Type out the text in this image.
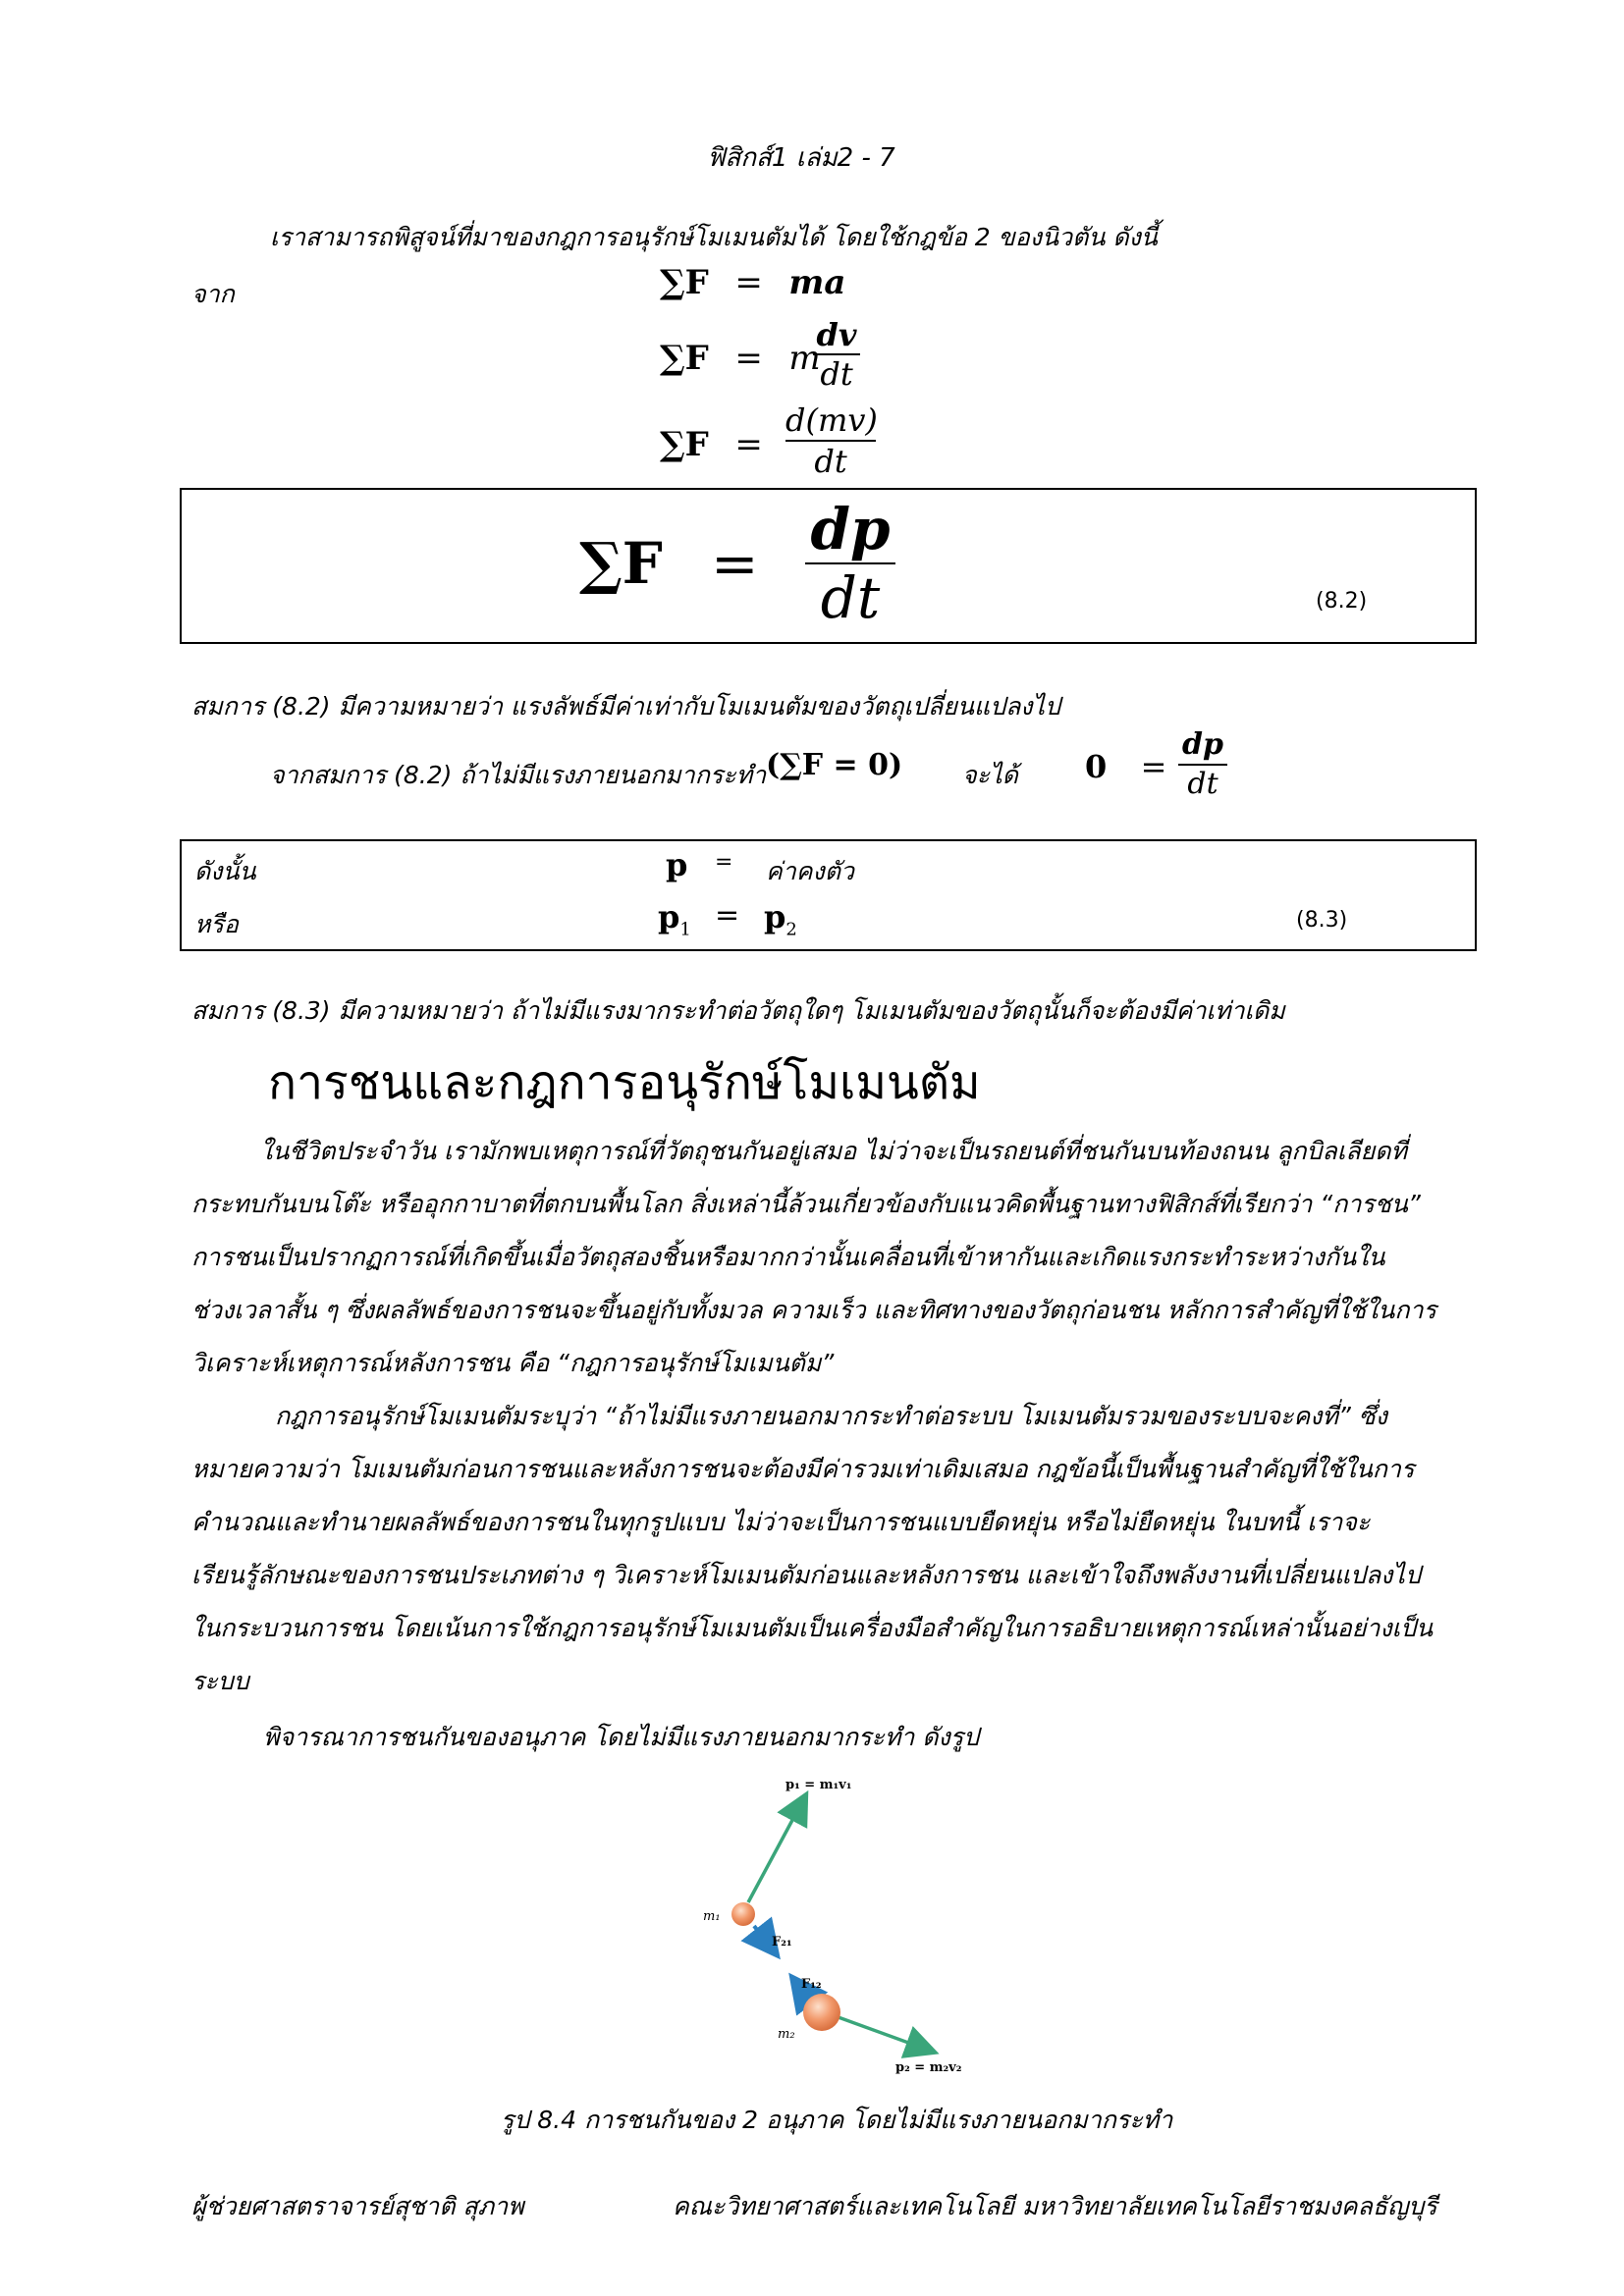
ฟิสิกส์1 เล่ม2 - 7
เราสามารถพิสูจน์ที่มาของกฎการอนุรักษ์โมเมนตัมได้ โดยใช้กฎข้อ 2 ของนิวตัน ดังนี้
จาก	∑F = ma
∑F = m
$\frac{dv}{dt}$
$\sum F = \frac{d(mv)}{dt}$
$\sum F = \frac{dp}{dt}$	(8.2)
สมการ (8.2) มีความหมายว่า แรงลัพธ์มีค่าเท่ากับโมเมนตัมของวัตถุเปลี่ยนแปลงไป
จากสมการ (8.2) ถ้าไม่มีแรงภายนอกมากระทำ (∑F = 0) จะได้ 0	= $\frac{dp}{dt}$
ดังนั้น	p = ค่าคงตัว
หรือ	$p_1 = p_2$	(8.3)
สมการ (8.3) มีความหมายว่า ถ้าไม่มีแรงมากระทำต่อวัตถุใดๆ โมเมนตัมของวัตถุนั้นก็จะต้องมีค่าเท่าเดิม
การชนและกฎการอนุรักษ์โมเมนตัม
ในชีวิตประจำวัน เรามักพบเหตุการณ์ที่วัตถุชนกันอยู่เสมอ ไม่ว่าจะเป็นรถยนต์ที่ชนกันบนท้องถนน ลูกบิลเลียดที่
กระทบกันบนโต๊ะ หรืออุกกาบาตที่ตกบนพื้นโลก สิ่งเหล่านี้ล้วนเกี่ยวข้องกับแนวคิดพื้นฐานทางฟิสิกส์ที่เรียกว่า “การชน”
การชนเป็นปรากฏการณ์ที่เกิดขึ้นเมื่อวัตถุสองชิ้นหรือมากกว่านั้นเคลื่อนที่เข้าหากันและเกิดแรงกระทำระหว่างกันใน
ช่วงเวลาสั้น ๆ ซึ่งผลลัพธ์ของการชนจะขึ้นอยู่กับทั้งมวล ความเร็ว และทิศทางของวัตถุก่อนชน หลักการสำคัญที่ใช้ในการ
วิเคราะห์เหตุการณ์หลังการชน คือ “กฎการอนุรักษ์โมเมนตัม”
กฎการอนุรักษ์โมเมนตัมระบุว่า “ถ้าไม่มีแรงภายนอกมากระทำต่อระบบ โมเมนตัมรวมของระบบจะคงที่” ซึ่ง
หมายความว่า โมเมนตัมก่อนการชนและหลังการชนจะต้องมีค่ารวมเท่าเดิมเสมอ กฎข้อนี้เป็นพื้นฐานสำคัญที่ใช้ในการ
คำนวณและทำนายผลลัพธ์ของการชนในทุกรูปแบบ ไม่ว่าจะเป็นการชนแบบยืดหยุ่น หรือไม่ยืดหยุ่น ในบทนี้ เราจะ
เรียนรู้ลักษณะของการชนประเภทต่าง ๆ วิเคราะห์โมเมนตัมก่อนและหลังการชน และเข้าใจถึงพลังงานที่เปลี่ยนแปลงไป
ในกระบวนการชน โดยเน้นการใช้กฎการอนุรักษ์โมเมนตัมเป็นเครื่องมือสำคัญในการอธิบายเหตุการณ์เหล่านั้นอย่างเป็น
ระบบ
พิจารณาการชนกันของอนุภาค โดยไม่มีแรงภายนอกมากระทำ ดังรูป
p₁ = m₁v₁
m₁
F₂₁
F₁₂
m₂
p₂ = m₂v₂
รูป 8.4 การชนกันของ 2 อนุภาค โดยไม่มีแรงภายนอกมากระทำ
ผู้ช่วยศาสตราจารย์สุชาติ สุภาพ	คณะวิทยาศาสตร์และเทคโนโลยี มหาวิทยาลัยเทคโนโลยีราชมงคลธัญบุรี
